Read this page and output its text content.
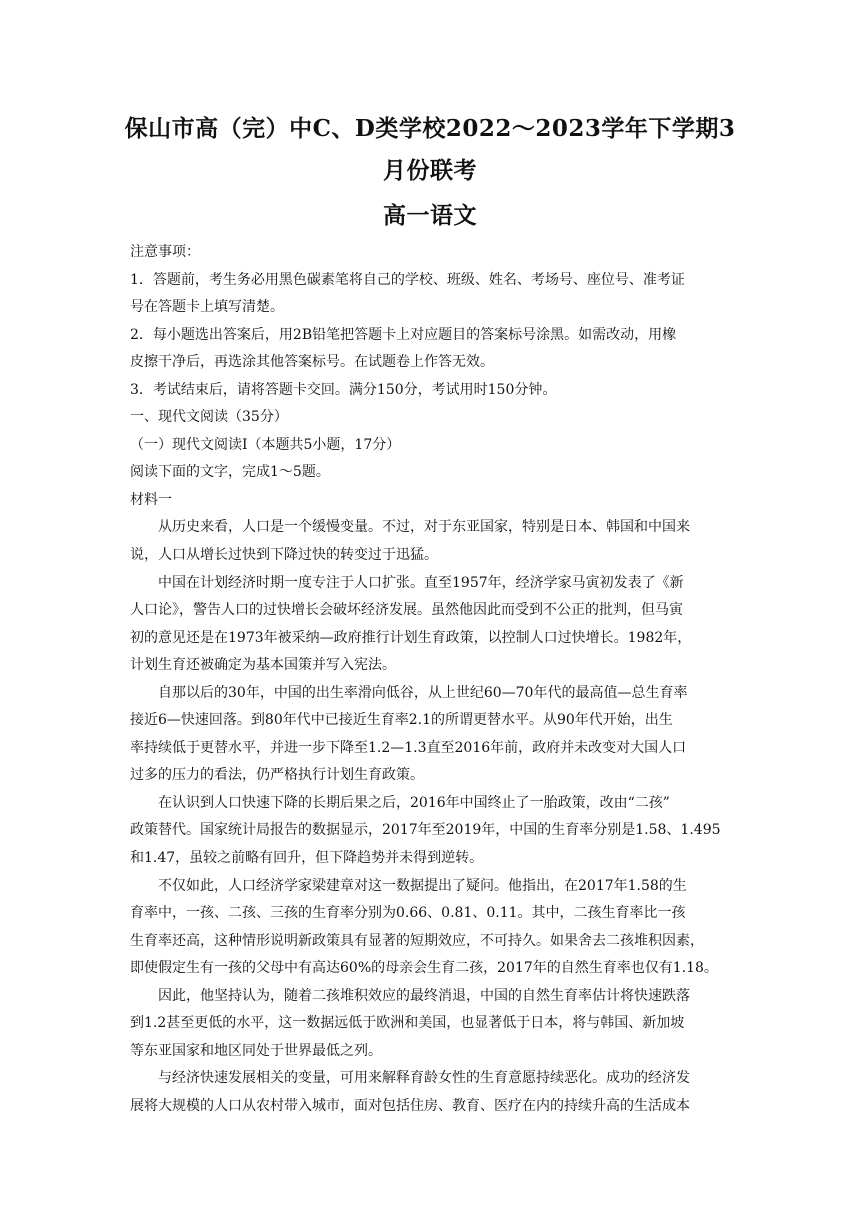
保山市高（完）中C、D类学校2022～2023学年下学期3
月份联考
高一语文
注意事项：
1．答题前，考生务必用黑色碳素笔将自己的学校、班级、姓名、考场号、座位号、准考证
号在答题卡上填写清楚。
2．每小题选出答案后，用2B铅笔把答题卡上对应题目的答案标号涂黑。如需改动，用橡
皮擦干净后，再选涂其他答案标号。在试题卷上作答无效。
3．考试结束后，请将答题卡交回。满分150分，考试用时150分钟。
一、现代文阅读（35分）
（一）现代文阅读Ⅰ（本题共5小题，17分）
阅读下面的文字，完成1～5题。
材料一
从历史来看，人口是一个缓慢变量。不过，对于东亚国家，特别是日本、韩国和中国来
说，人口从增长过快到下降过快的转变过于迅猛。
中国在计划经济时期一度专注于人口扩张。直至1957年，经济学家马寅初发表了《新
人口论》，警告人口的过快增长会破坏经济发展。虽然他因此而受到不公正的批判，但马寅
初的意见还是在1973年被采纳—政府推行计划生育政策，以控制人口过快增长。1982年，
计划生育还被确定为基本国策并写入宪法。
自那以后的30年，中国的出生率滑向低谷，从上世纪60—70年代的最高值—总生育率
接近6—快速回落。到80年代中已接近生育率2.1的所谓更替水平。从90年代开始，出生
率持续低于更替水平，并进一步下降至1.2—1.3直至2016年前，政府并未改变对大国人口
过多的压力的看法，仍严格执行计划生育政策。
在认识到人口快速下降的长期后果之后，2016年中国终止了一胎政策，改由“二孩”
政策替代。国家统计局报告的数据显示，2017年至2019年，中国的生育率分别是1.58、1.495
和1.47，虽较之前略有回升，但下降趋势并未得到逆转。
不仅如此，人口经济学家梁建章对这一数据提出了疑问。他指出，在2017年1.58的生
育率中，一孩、二孩、三孩的生育率分别为0.66、0.81、0.11。其中，二孩生育率比一孩
生育率还高，这种情形说明新政策具有显著的短期效应，不可持久。如果舍去二孩堆积因素，
即使假定生有一孩的父母中有高达60%的母亲会生育二孩，2017年的自然生育率也仅有1.18。
因此，他坚持认为，随着二孩堆积效应的最终消退，中国的自然生育率估计将快速跌落
到1.2甚至更低的水平，这一数据远低于欧洲和美国，也显著低于日本，将与韩国、新加坡
等东亚国家和地区同处于世界最低之列。
与经济快速发展相关的变量，可用来解释育龄女性的生育意愿持续恶化。成功的经济发
展将大规模的人口从农村带入城市，面对包括住房、教育、医疗在内的持续升高的生活成本
